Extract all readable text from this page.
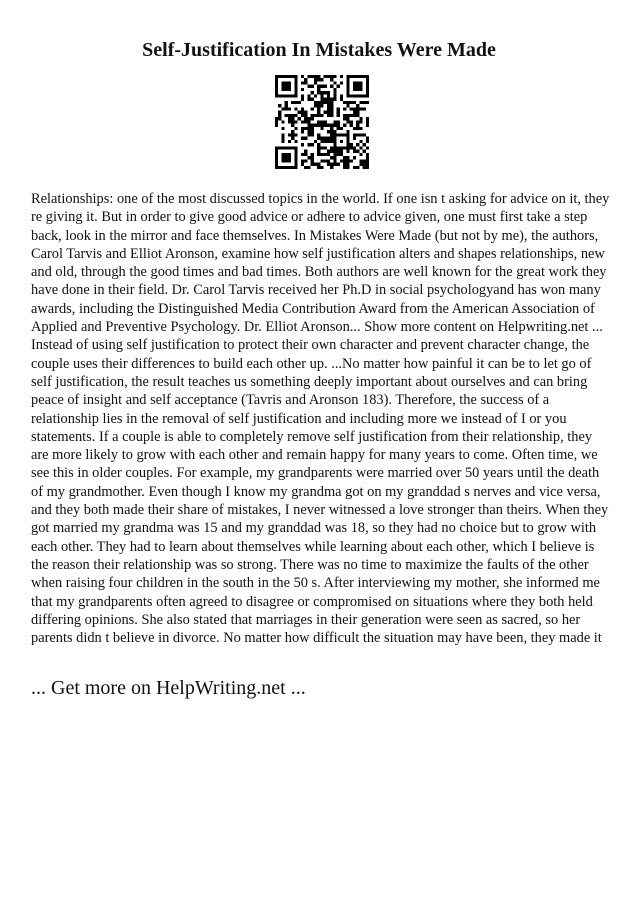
Self-Justification In Mistakes Were Made

Relationships: one of the most discussed topics in the world. If one isn t asking for advice on it, they re giving it. But in order to give good advice or adhere to advice given, one must first take a step back, look in the mirror and face themselves. In Mistakes Were Made (but not by me), the authors, Carol Tarvis and Elliot Aronson, examine how self justification alters and shapes relationships, new and old, through the good times and bad times. Both authors are well known for the great work they have done in their field. Dr. Carol Tarvis received her Ph.D in social psychologyand has won many awards, including the Distinguished Media Contribution Award from the American Association of Applied and Preventive Psychology. Dr. Elliot Aronson... Show more content on Helpwriting.net ...

Instead of using self justification to protect their own character and prevent character change, the couple uses their differences to build each other up. ...No matter how painful it can be to let go of self justification, the result teaches us something deeply important about ourselves and can bring peace of insight and self acceptance (Tavris and Aronson 183). Therefore, the success of a relationship lies in the removal of self justification and including more we instead of I or you statements. If a couple is able to completely remove self justification from their relationship, they are more likely to grow with each other and remain happy for many years to come. Often time, we see this in older couples. For example, my grandparents were married over 50 years until the death of my grandmother. Even though I know my grandma got on my granddad s nerves and vice versa, and they both made their share of mistakes, I never witnessed a love stronger than theirs. When they got married my grandma was 15 and my granddad was 18, so they had no choice but to grow with each other. They had to learn about themselves while learning about each other, which I believe is the reason their relationship was so strong. There was no time to maximize the faults of the other when raising four children in the south in the 50 s. After interviewing my mother, she informed me that my grandparents often agreed to disagree or compromised on situations where they both held differing opinions. She also stated that marriages in their generation were seen as sacred, so her parents didn t believe in divorce. No matter how difficult the situation may have been, they made it

... Get more on HelpWriting.net ...
